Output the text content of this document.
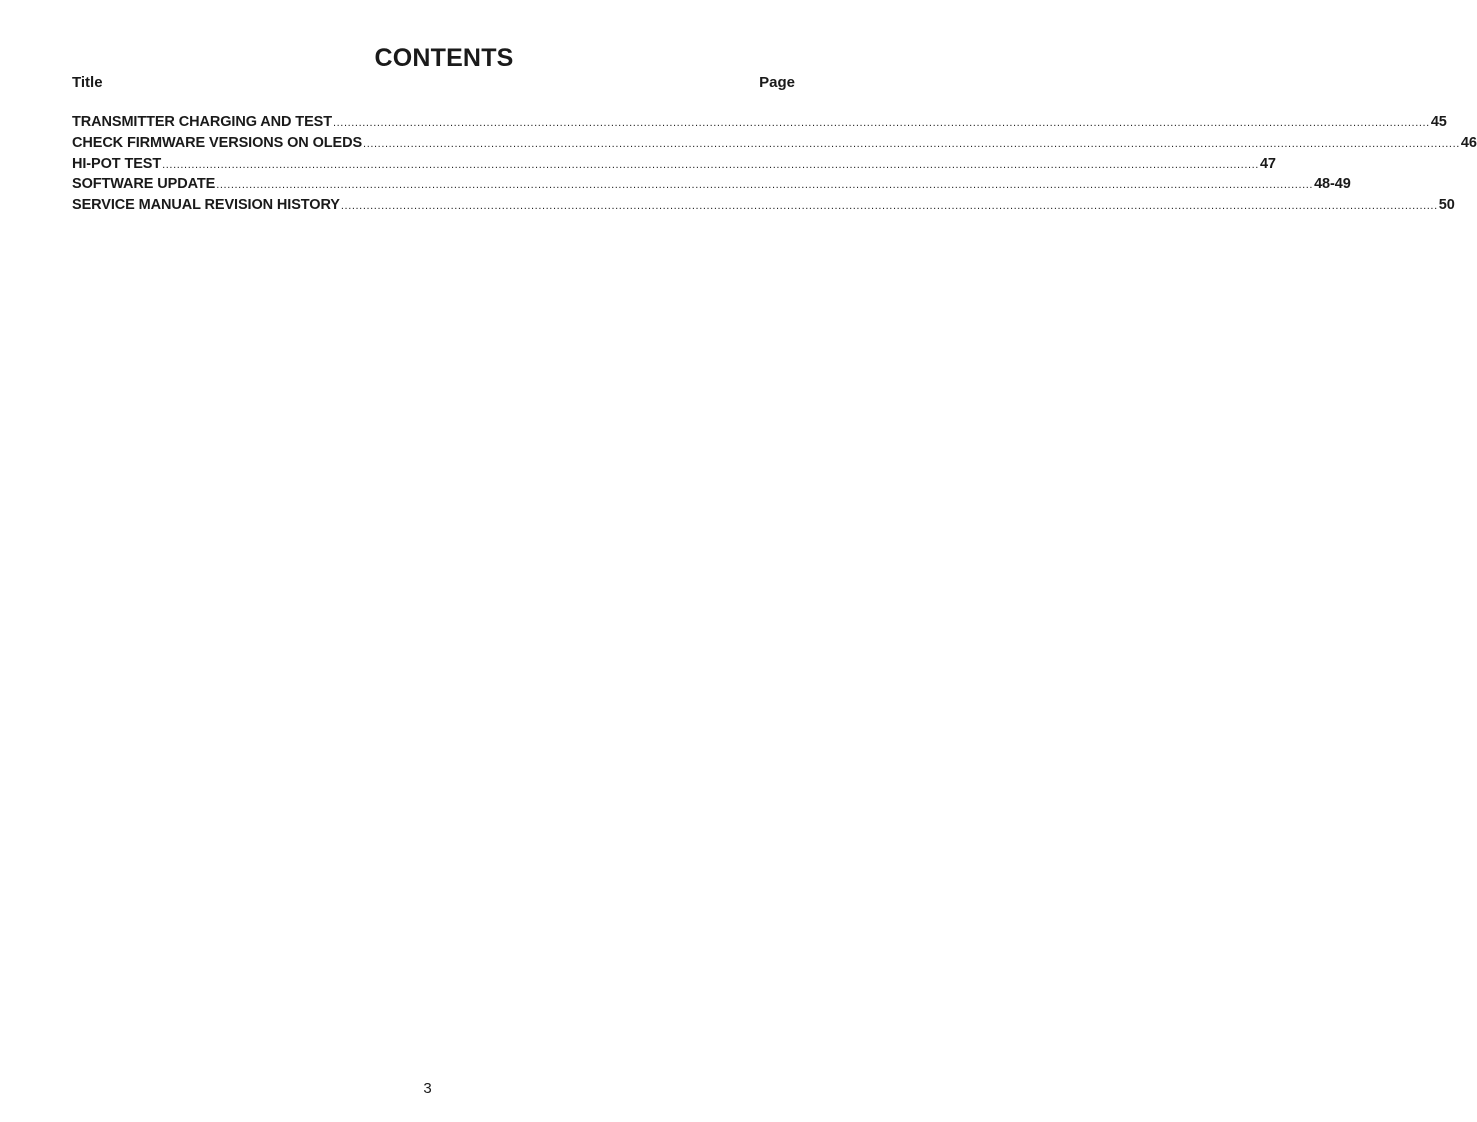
CONTENTS
Title	Page
TRANSMITTER CHARGING AND TEST ............................................................................................................................................................................................................................................................................................................ 45
CHECK FIRMWARE VERSIONS ON OLEDS ............................................................................................................................................................................................................................................................................................................ 46
HI-POT TEST ............................................................................................................................................................................................................................................................................................................ 47
SOFTWARE UPDATE ............................................................................................................................................................................................................................................................................................................ 48-49
SERVICE MANUAL REVISION HISTORY ............................................................................................................................................................................................................................................................................................................ 50
3
